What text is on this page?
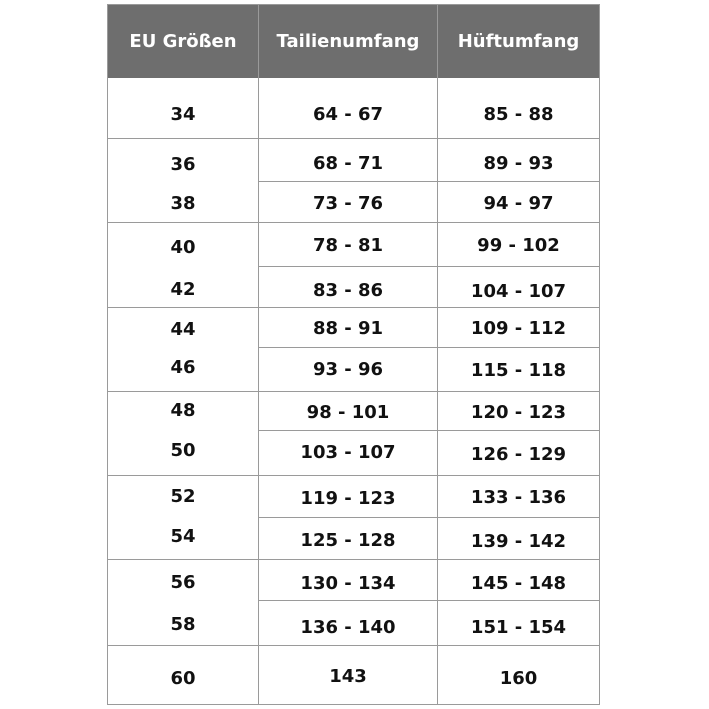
EU Größen	Tailienumfang	Hüftumfang
34	64 - 67	85 - 88
36	68 - 71	89 - 93
38	73 - 76	94 - 97
40	78 - 81	99 - 102
42	83 - 86	104 - 107
44	88 - 91	109 - 112
46	93 - 96	115 - 118
48	98 - 101	120 - 123
50	103 - 107	126 - 129
52	119 - 123	133 - 136
54	125 - 128	139 - 142
56	130 - 134	145 - 148
58	136 - 140	151 - 154
60	143	160
